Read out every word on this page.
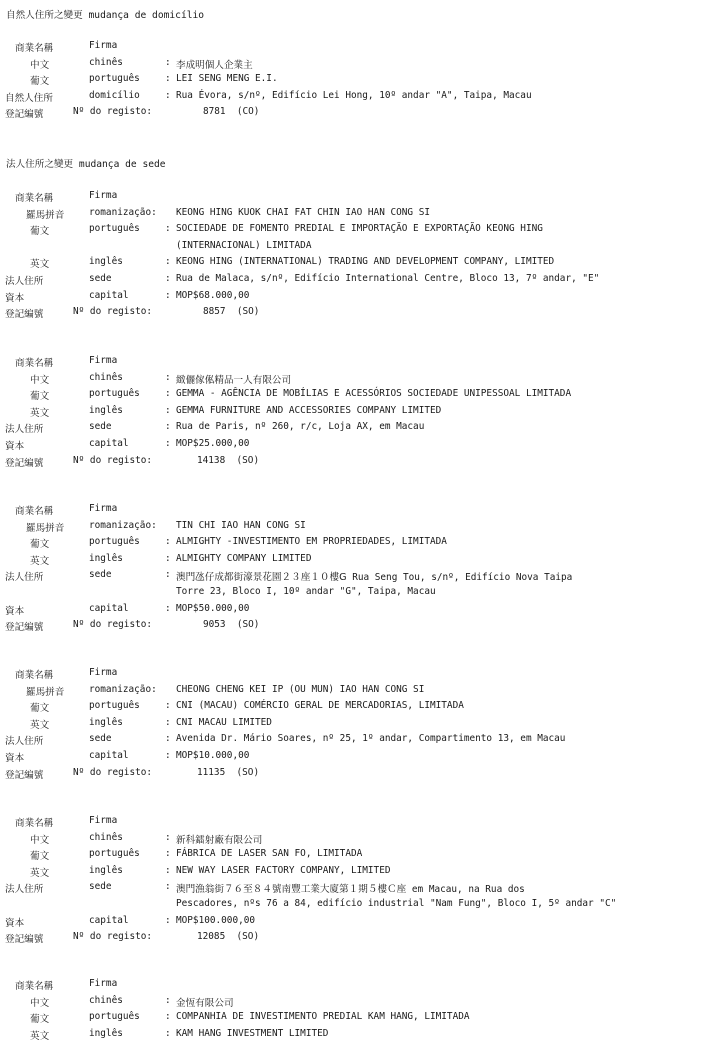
自然人住所之變更 mudança de domicílio
商業名稱	Firma
中文	chinês	: 李成明個人企業主
葡文	português	: LEI SENG MENG E.I.
自然人住所	domicílio	: Rua Évora, s/nº, Edifício Lei Hong, 10º andar "A", Taipa, Macau
登記編號	Nº do registo:	8781  (CO)
法人住所之變更 mudança de sede
商業名稱	Firma
羅馬拼音	romanização: KEONG HING KUOK CHAI FAT CHIN IAO HAN CONG SI
葡文	português	: SOCIEDADE DE FOMENTO PREDIAL E IMPORTAÇÃO E EXPORTAÇÃO KEONG HING
(INTERNACIONAL) LIMITADA
英文	inglês	: KEONG HING (INTERNATIONAL) TRADING AND DEVELOPMENT COMPANY, LIMITED
法人住所	sede	: Rua de Malaca, s/nº, Edifício International Centre, Bloco 13, 7º andar, "E"
資本	capital	: MOP$68.000,00
登記編號	Nº do registo:	8857  (SO)
商業名稱	Firma
中文	chinês	: 緻儷傢俬精品一人有限公司
葡文	português	: GEMMA - AGÊNCIA DE MOBÍLIAS E ACESSÓRIOS SOCIEDADE UNIPESSOAL LIMITADA
英文	inglês	: GEMMA FURNITURE AND ACCESSORIES COMPANY LIMITED
法人住所	sede	: Rua de Paris, nº 260, r/c, Loja AX, em Macau
資本	capital	: MOP$25.000,00
登記編號	Nº do registo:	14138  (SO)
商業名稱	Firma
羅馬拼音	romanização: TIN CHI IAO HAN CONG SI
葡文	português	: ALMIGHTY -INVESTIMENTO EM PROPRIEDADES, LIMITADA
英文	inglês	: ALMIGHTY COMPANY LIMITED
法人住所	sede	: 澳門氹仔成都街濠景花園２３座１０樓G Rua Seng Tou, s/nº, Edifício Nova Taipa
Torre 23, Bloco I, 10º andar "G", Taipa, Macau
資本	capital	: MOP$50.000,00
登記編號	Nº do registo:	9053  (SO)
商業名稱	Firma
羅馬拼音	romanização: CHEONG CHENG KEI IP (OU MUN) IAO HAN CONG SI
葡文	português	: CNI (MACAU) COMÉRCIO GERAL DE MERCADORIAS, LIMITADA
英文	inglês	: CNI MACAU LIMITED
法人住所	sede	: Avenida Dr. Mário Soares, nº 25, 1º andar, Compartimento 13, em Macau
資本	capital	: MOP$10.000,00
登記編號	Nº do registo:	11135  (SO)
商業名稱	Firma
中文	chinês	: 新科鐳射廠有限公司
葡文	português	: FÁBRICA DE LASER SAN FO, LIMITADA
英文	inglês	: NEW WAY LASER FACTORY COMPANY, LIMITED
法人住所	sede	: 澳門漁翁街７６至８４號南豐工業大廈第１期５樓Ｃ座 em Macau, na Rua dos
Pescadores, nºs 76 a 84, edifício industrial "Nam Fung", Bloco I, 5º andar "C"
資本	capital	: MOP$100.000,00
登記編號	Nº do registo:	12085  (SO)
商業名稱	Firma
中文	chinês	: 金恆有限公司
葡文	português	: COMPANHIA DE INVESTIMENTO PREDIAL KAM HANG, LIMITADA
英文	inglês	: KAM HANG INVESTMENT LIMITED
